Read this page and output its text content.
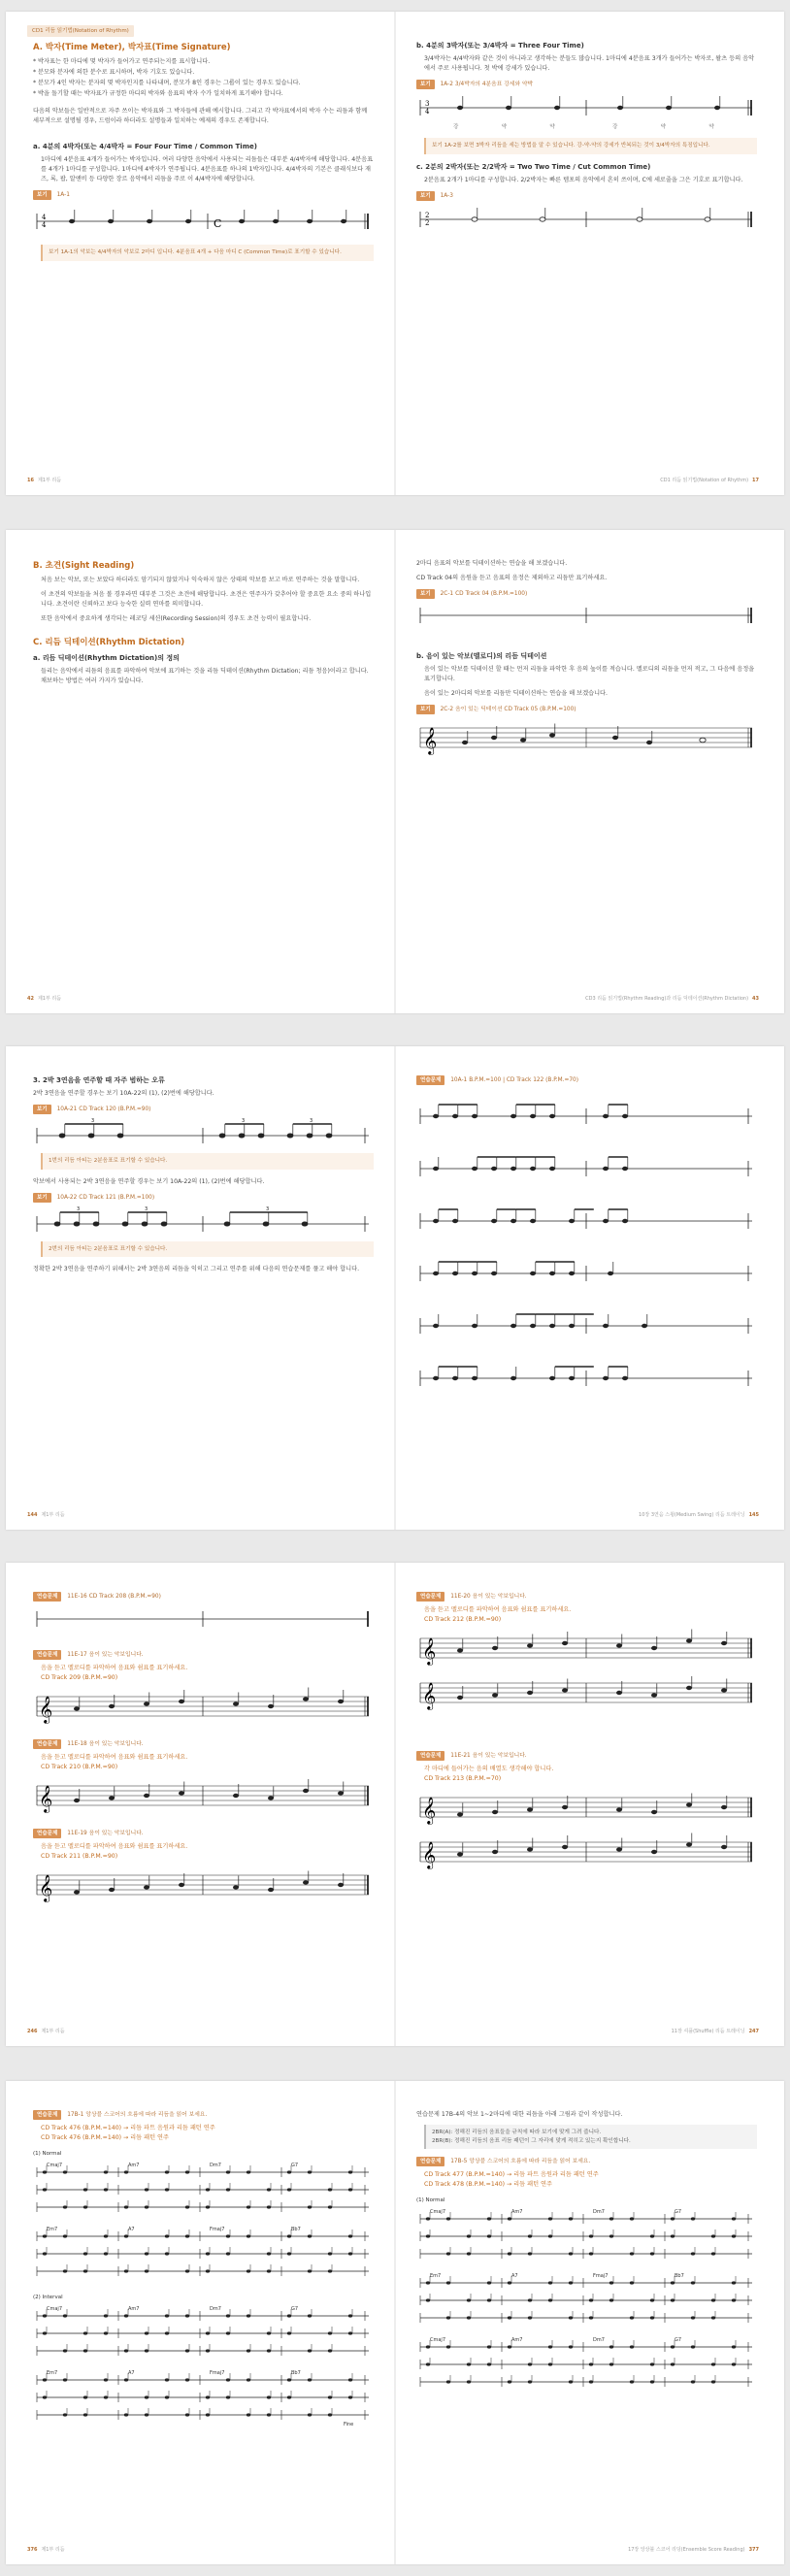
CD1 리듬 읽기법(Notation of Rhythm)
A. 박자(Time Meter), 박자표(Time Signature)
* 박자표는 한 마디에 몇 박자가 들어가고 연주되는지를 표시합니다.
* 분모와 분자에 의한 분수로 표시하며, 박자 기호도 있습니다.
* 분모가 4인 박자는 분자의 몇 박자인지를 나타내며, 분모가 8인 경우는 그룹이 있는 경우도 있습니다.
* 박을 돌기할 때는 박자표가 규정한 마디의 박자와 음표의 박자 수가 일치하게 표기해야 합니다.

다음의 악보들은 일반적으로 자주 쓰이는 박자표와 그 박자들에 관해 예시합니다. 그리고 각 박자표에서의 박자 수는 리듬과 함께 세부적으로 설명될 경우, 드럼이라 하더라도 설명들과 일치하는 예제의 경우도 존재합니다.

a. 4분의 4박자(또는 4/4박자 = Four Four Time / Common Time)

1마디에 4분음표 4개가 들어가는 박자입니다. 여러 다양한 음악에서 사용되는 리듬들은 대부분 4/4박자에 해당합니다. 4분음표를 4개가 1마디를 구성합니다. 1마디에 4박자가 연주됩니다. 4분음표를 하나의 1박자입니다. 4/4박자의 기본은 클래식보다 재즈, 록, 팝, 알앤비 등 다양한 장르 음악에서 리듬을 주로 이 4/4박자에 해당합니다.

보기 1A-1
4
4	C
보기 1A-1의 악보는 4/4박자의 악보로 2마디 입니다. 4분음표 4개 + 다음 마디 C (Common Time)로 표기할 수 있습니다.
16 제1부 리듬
b. 4분의 3박자(또는 3/4박자 = Three Four Time)

3/4박자는 4/4박자와 같은 것이 아니라고 생각하는 분들도 많습니다. 1마디에 4분음표 3개가 들어가는 박자로, 왈츠 등의 음악에서 주로 사용됩니다. 첫 박에 강세가 있습니다.

보기 1A-2 3/4박자의 4분음표 강세와 약박
3
4
강	약	약	강	약	약
보기 1A-2를 보면 3박자 리듬을 세는 방법을 알 수 있습니다. 강-약-약의 강세가 반복되는 것이 3/4박자의 특징입니다.
c. 2분의 2박자(또는 2/2박자 = Two Two Time / Cut Common Time)

2분음표 2개가 1마디를 구성합니다. 2/2박자는 빠른 템포의 음악에서 흔히 쓰이며, C에 세로줄을 그은 기호로 표기합니다.

보기 1A-3
2
2
CD1 리듬 읽기법(Notation of Rhythm) 17
B. 초견(Sight Reading)

처음 보는 악보, 또는 보았다 하더라도 암기되지 않았거나 익숙하지 않은 상태의 악보를 보고 바로 연주하는 것을 말합니다.

이 초견의 악보들을 처음 볼 경우라면 대부분 그것은 초견에 해당합니다. 초견은 연주자가 갖추어야 할 중요한 요소 중의 하나입니다. 초견이란 신뢰하고 보다 능숙한 실력 연마를 의미합니다.

또한 음악에서 중요하게 생각되는 레코딩 세션(Recording Session)의 경우도 초견 능력이 필요합니다.

C. 리듬 딕테이션(Rhythm Dictation)
a. 리듬 딕테이션(Rhythm Dictation)의 정의

들리는 음악에서 리듬의 음표를 파악하여 악보에 표기하는 것을 리듬 딕테이션(Rhythm Dictation; 리듬 청음)이라고 합니다. 채보하는 방법은 여러 가지가 있습니다.

42 제1부 리듬

2마디 음표의 악보를 딕테이션하는 연습을 해 보겠습니다.

CD Track 04의 음원을 듣고 음표의 음정은 제외하고 리듬만 표기하세요.

보기 2C-1 CD Track 04 (B.P.M.=100)
b. 음이 있는 악보(멜로디)의 리듬 딕테이션

음이 있는 악보를 딕테이션 할 때는 먼저 리듬을 파악한 후 음의 높이를 적습니다. 멜로디의 리듬을 먼저 적고, 그 다음에 음정을 표기합니다.

음이 있는 2마디의 악보를 리듬만 딕테이션하는 연습을 해 보겠습니다.

보기 2C-2 음이 있는 딕테이션 CD Track 05 (B.P.M.=100)
𝄞
CD3 리듬 읽기법(Rhythm Reading)과 리듬 딕테이션(Rhythm Dictation) 43
3. 2박 3연음을 연주할 때 자주 범하는 오류

2박 3연음을 연주할 경우는 보기 10A-22의 (1), (2)번에 해당합니다.

보기 10A-21 CD Track 120 (B.P.M.=90)
3	3	3
1번의 리듬 아티는 2분음표로 표기할 수 있습니다.

악보에서 사용되는 2박 3연음을 연주할 경우는 보기 10A-22의 (1), (2)번에 해당합니다.

보기 10A-22 CD Track 121 (B.P.M.=100)
3	3	3
2번의 리듬 아티는 2분음표로 표기할 수 있습니다.

정확한 2박 3연음을 연주하기 위해서는 2박 3연음의 리듬을 익히고 그리고 연주를 위해 다음의 연습문제를 풀고 해야 합니다.

144 제1부 리듬
연습문제 10A-1 B.P.M.=100 | CD Track 122 (B.P.M.=70)
10장 3연음 스윙(Medium Swing) 리듬 트레이닝 145
연습문제 11E-16 CD Track 208 (B.P.M.=90)
연습문제 11E-17 음이 있는 악보입니다.
음을 듣고 멜로디를 파악하여 음표와 쉼표를 표기하세요.
CD Track 209 (B.P.M.=90)
𝄞
연습문제 11E-18 음이 있는 악보입니다.
음을 듣고 멜로디를 파악하여 음표와 쉼표를 표기하세요.
CD Track 210 (B.P.M.=90)
𝄞
연습문제 11E-19 음이 있는 악보입니다.
음을 듣고 멜로디를 파악하여 음표와 쉼표를 표기하세요.
CD Track 211 (B.P.M.=90)
𝄞
246 제1부 리듬
연습문제 11E-20 음이 있는 악보입니다.
음을 듣고 멜로디를 파악하여 음표와 쉼표를 표기하세요.
CD Track 212 (B.P.M.=90)
𝄞
𝄞
연습문제 11E-21 음이 있는 악보입니다.
각 마디에 들어가는 음의 배열도 생각해야 합니다.
CD Track 213 (B.P.M.=70)
𝄞
𝄞
11장 셔플(Shuffle) 리듬 트레이닝 247
연습문제 17B-1 앙상블 스코어의 흐름에 따라 리듬을 읽어 보세요.
CD Track 476 (B.P.M.=140) → 리듬 파트 음원과 리듬 패턴 연주
CD Track 476 (B.P.M.=140) → 리듬 패턴 연주
(1) Normal
Cmaj7	Am7	Dm7	G7
Em7	A7	Fmaj7	Bb7
(2) Interval
Cmaj7	Am7	Dm7	G7
Em7	A7	Fmaj7	Bb7
Fine
376 제1부 리듬

연습문제 17B-4의 악보 1~2마디에 대한 리듬을 아래 그림과 같이 작성합니다.

2BR(A): 정해진 리듬의 음표들을 규칙에 따라 보기에 맞게 그려 줍니다.
2BR(B): 정해진 리듬의 음표 리듬 패턴이 그 자리에 맞게 적히고 있는지 확인합니다.
연습문제 17B-5 앙상블 스코어의 흐름에 따라 리듬을 읽어 보세요.
CD Track 477 (B.P.M.=140) → 리듬 파트 음원과 리듬 패턴 연주
CD Track 478 (B.P.M.=140) → 리듬 패턴 연주
(1) Normal
Cmaj7	Am7	Dm7	G7
Em7	A7	Fmaj7	Bb7
Cmaj7	Am7	Dm7	G7
17장 앙상블 스코어 리딩(Ensemble Score Reading) 377
